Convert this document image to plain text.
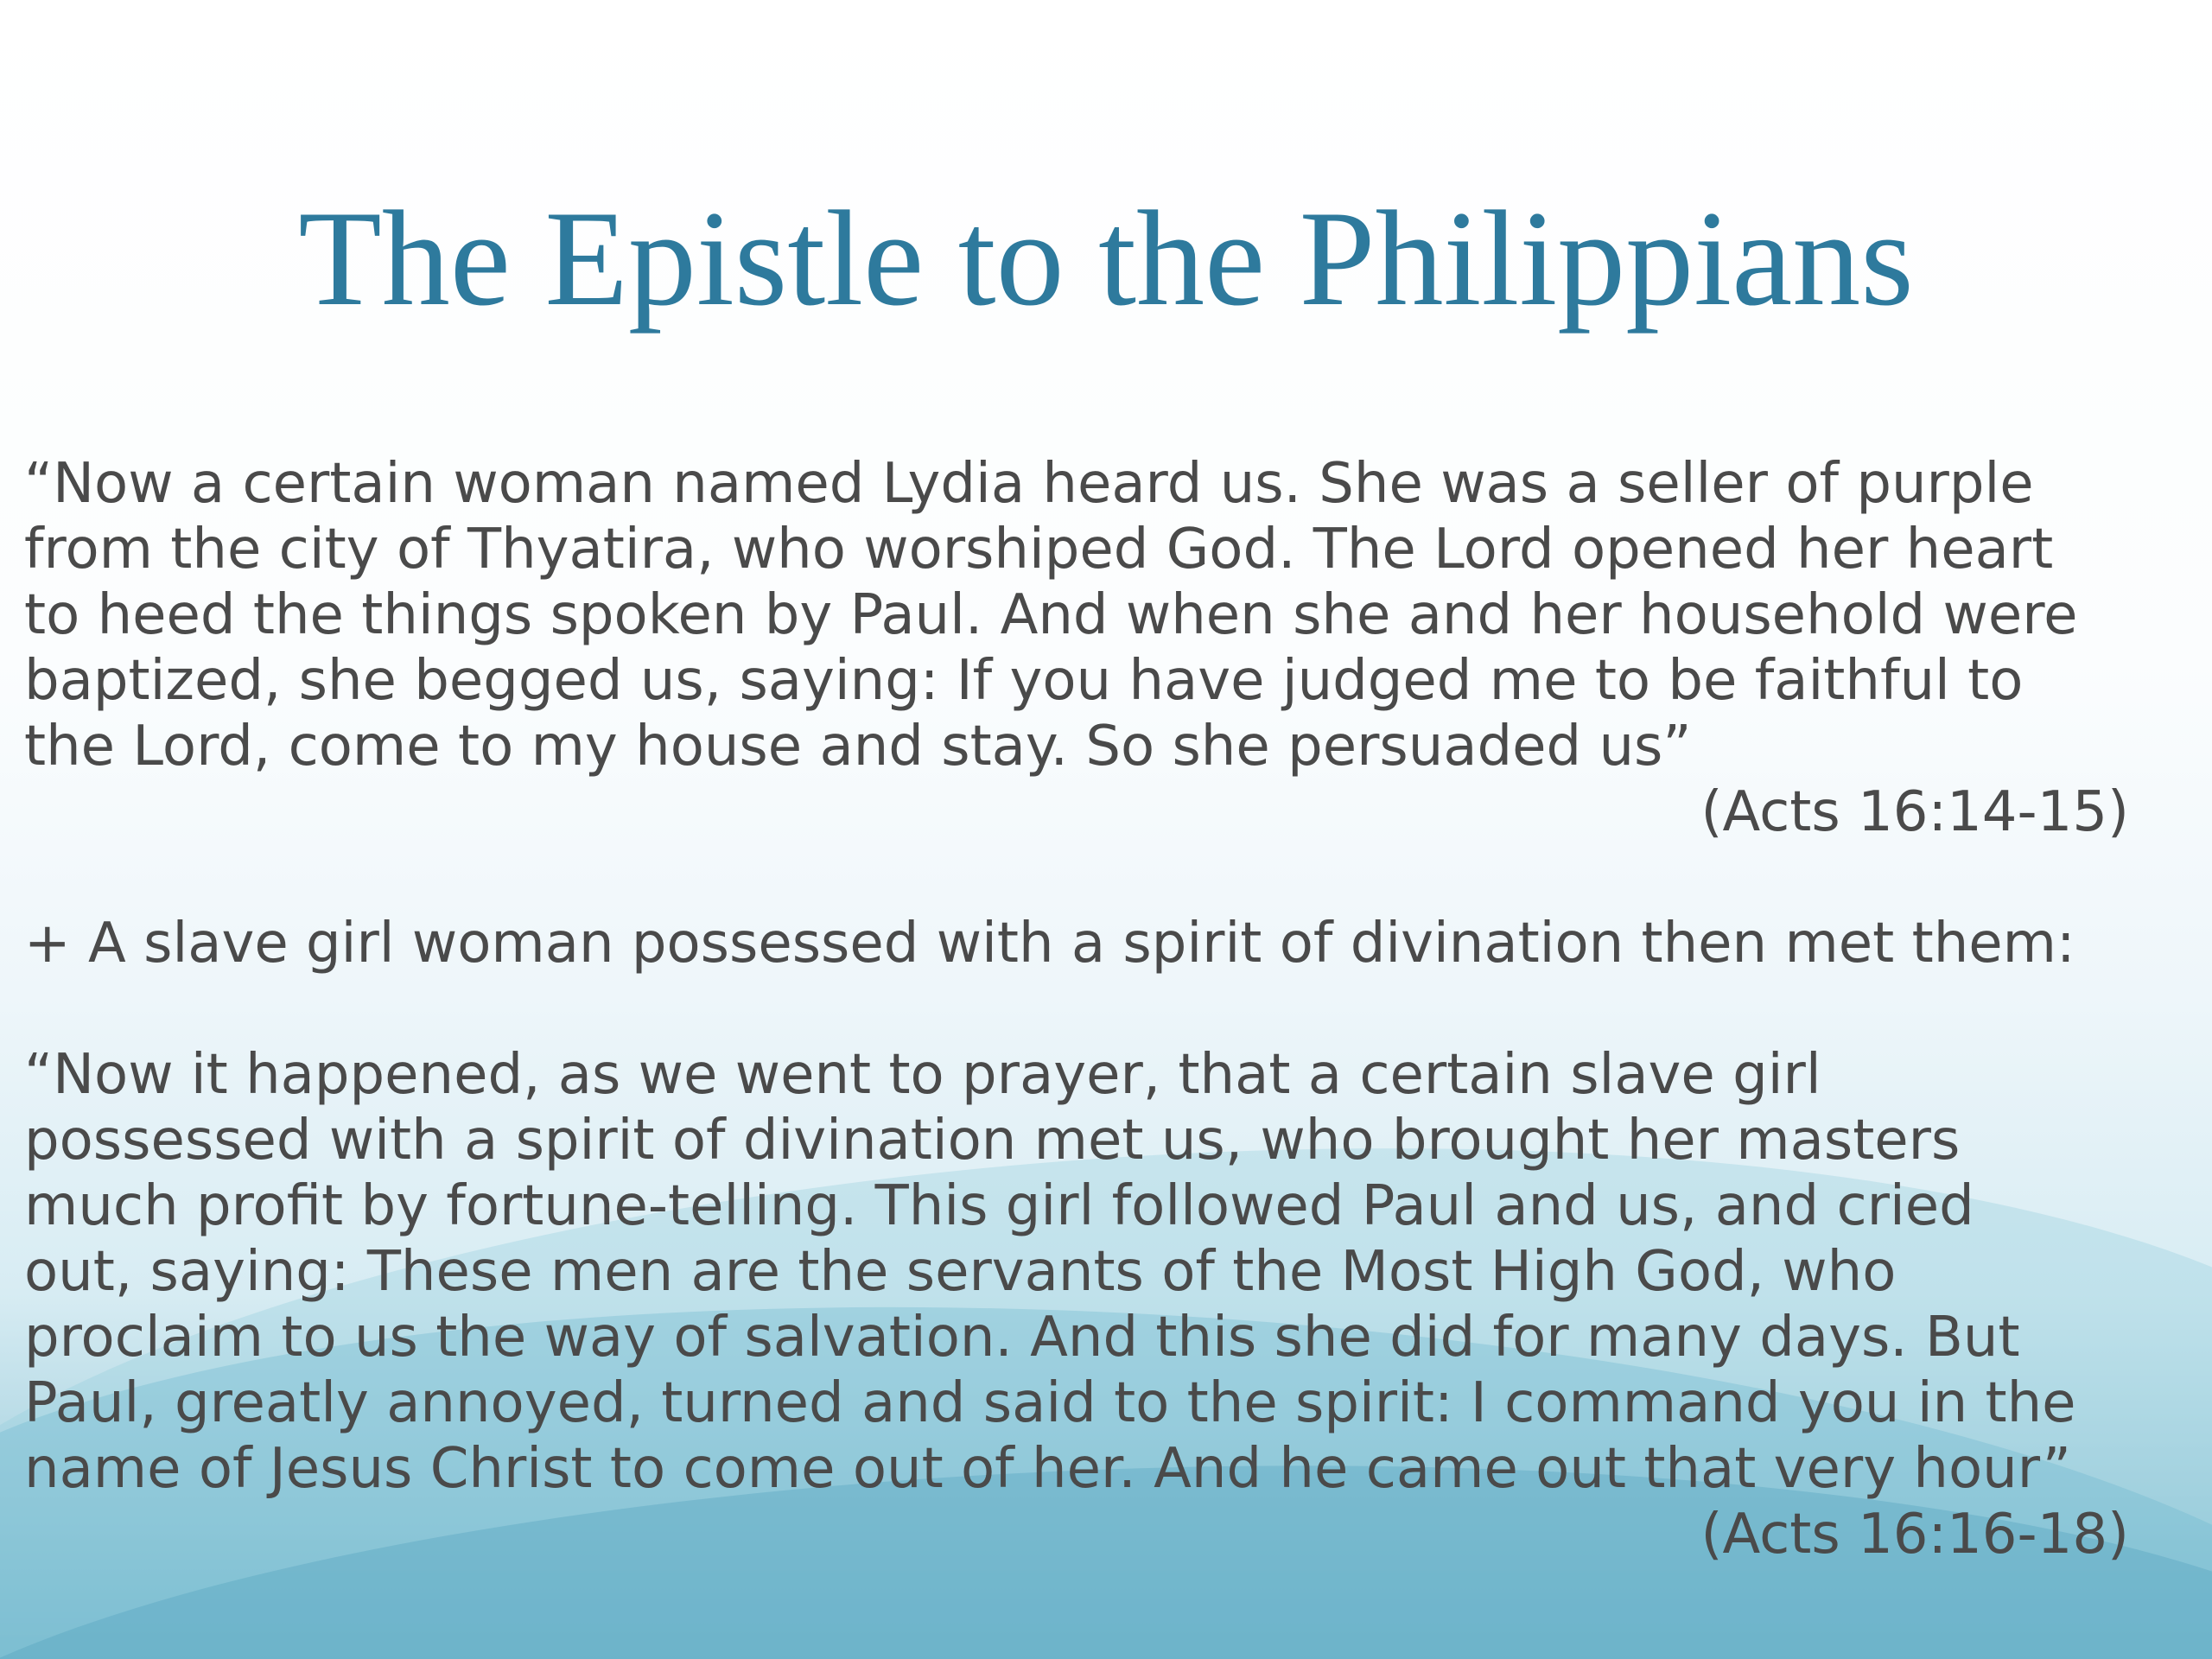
The Epistle to the Philippians

“Now a certain woman named Lydia heard us. She was a seller of purple
from the city of Thyatira, who worshiped God. The Lord opened her heart
to heed the things spoken by Paul. And when she and her household were
baptized, she begged us, saying: If you have judged me to be faithful to
the Lord, come to my house and stay. So she persuaded us”

(Acts 16:14-15)

+ A slave girl woman possessed with a spirit of divination then met them:

“Now it happened, as we went to prayer, that a certain slave girl
possessed with a spirit of divination met us, who brought her masters
much profit by fortune-telling. This girl followed Paul and us, and cried
out, saying: These men are the servants of the Most High God, who
proclaim to us the way of salvation. And this she did for many days. But
Paul, greatly annoyed, turned and said to the spirit: I command you in the
name of Jesus Christ to come out of her. And he came out that very hour”

(Acts 16:16-18)
